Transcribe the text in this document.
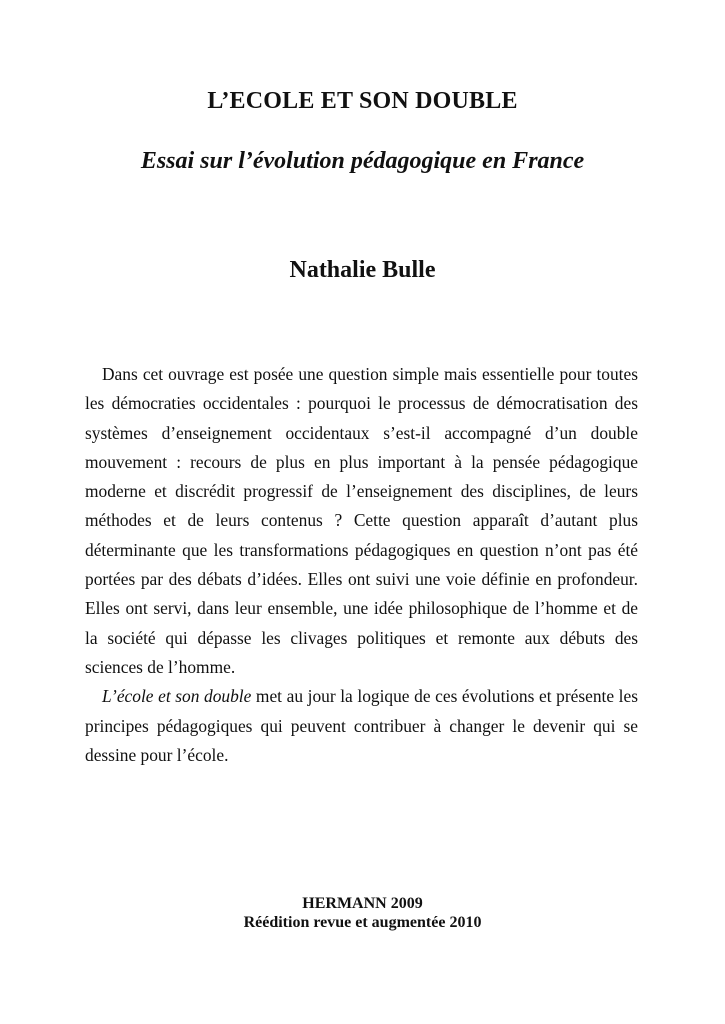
L’ECOLE ET SON DOUBLE
Essai sur l’évolution pédagogique en France
Nathalie Bulle

Dans cet ouvrage est posée une question simple mais essentielle pour toutes les démocraties occidentales : pourquoi le processus de démocratisation des systèmes d’enseignement occidentaux s’est-il accompagné d’un double mouvement : recours de plus en plus important à la pensée pédagogique moderne et discrédit progressif de l’enseignement des disciplines, de leurs méthodes et de leurs contenus ? Cette question apparaît d’autant plus déterminante que les transformations pédagogiques en question n’ont pas été portées par des débats d’idées. Elles ont suivi une voie définie en profondeur. Elles ont servi, dans leur ensemble, une idée philosophique de l’homme et de la société qui dépasse les clivages politiques et remonte aux débuts des sciences de l’homme.

L’école et son double met au jour la logique de ces évolutions et présente les principes pédagogiques qui peuvent contribuer à changer le devenir qui se dessine pour l’école.

HERMANN 2009
Réédition revue et augmentée 2010
